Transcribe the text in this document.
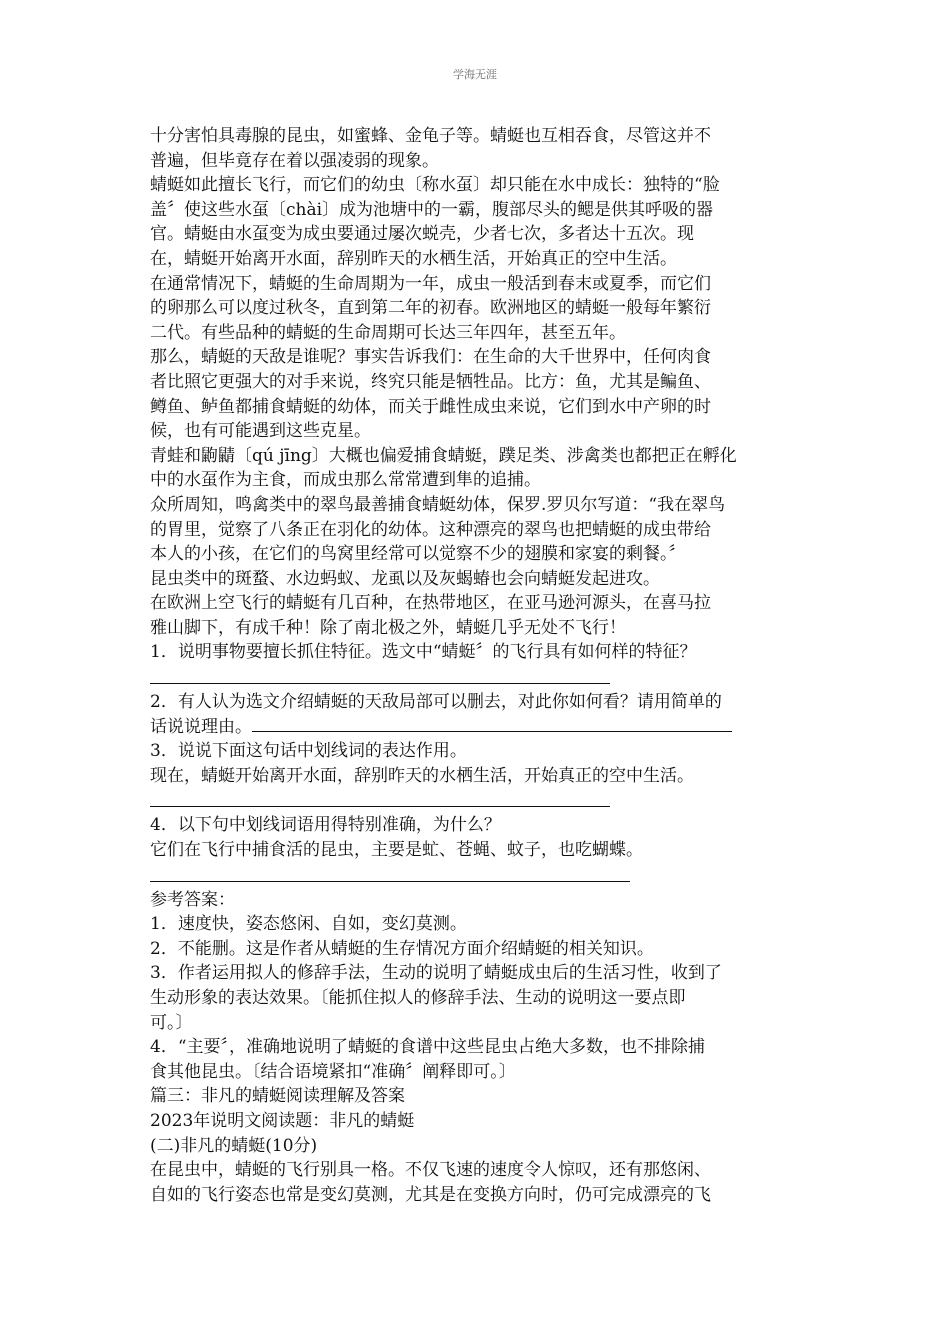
学海无涯
十分害怕具毒腺的昆虫，如蜜蜂、金龟子等。蜻蜓也互相吞食，尽管这并不
普遍，但毕竟存在着以强凌弱的现象。
蜻蜓如此擅长飞行，而它们的幼虫〔称水虿〕却只能在水中成长：独特的“脸
盖〞使这些水虿〔chài〕成为池塘中的一霸，腹部尽头的鳃是供其呼吸的器
官。蜻蜓由水虿变为成虫要通过屡次蜕壳，少者七次，多者达十五次。现
在，蜻蜓开始离开水面，辞别昨天的水栖生活，开始真正的空中生活。
在通常情况下，蜻蜓的生命周期为一年，成虫一般活到春末或夏季，而它们
的卵那么可以度过秋冬，直到第二年的初春。欧洲地区的蜻蜓一般每年繁衍
二代。有些品种的蜻蜓的生命周期可长达三年四年，甚至五年。
那么，蜻蜓的天敌是谁呢？事实告诉我们：在生命的大千世界中，任何肉食
者比照它更强大的对手来说，终究只能是牺牲品。比方：鱼，尤其是鳊鱼、
鳟鱼、鲈鱼都捕食蜻蜓的幼体，而关于雌性成虫来说，它们到水中产卵的时
候，也有可能遇到这些克星。
青蛙和鼩鼱〔qú jīng〕大概也偏爱捕食蜻蜓，蹼足类、涉禽类也都把正在孵化
中的水虿作为主食，而成虫那么常常遭到隼的追捕。
众所周知，鸣禽类中的翠鸟最善捕食蜻蜓幼体，保罗.罗贝尔写道：“我在翠鸟
的胃里，觉察了八条正在羽化的幼体。这种漂亮的翠鸟也把蜻蜓的成虫带给
本人的小孩，在它们的鸟窝里经常可以觉察不少的翅膜和家宴的剩餐。〞
昆虫类中的斑蝥、水边蚂蚁、龙虱以及灰蝎蝽也会向蜻蜓发起进攻。
在欧洲上空飞行的蜻蜓有几百种，在热带地区，在亚马逊河源头，在喜马拉
雅山脚下，有成千种！除了南北极之外，蜻蜓几乎无处不飞行！
1．说明事物要擅长抓住特征。选文中“蜻蜓〞的飞行具有如何样的特征？
2．有人认为选文介绍蜻蜓的天敌局部可以删去，对此你如何看？请用简单的
话说说理由。
3．说说下面这句话中划线词的表达作用。
现在，蜻蜓开始离开水面，辞别昨天的水栖生活，开始真正的空中生活。
4．以下句中划线词语用得特别准确，为什么？
它们在飞行中捕食活的昆虫，主要是虻、苍蝇、蚊子，也吃蝴蝶。
参考答案：
1．速度快，姿态悠闲、自如，变幻莫测。
2．不能删。这是作者从蜻蜓的生存情况方面介绍蜻蜓的相关知识。
3．作者运用拟人的修辞手法，生动的说明了蜻蜓成虫后的生活习性，收到了
生动形象的表达效果。〔能抓住拟人的修辞手法、生动的说明这一要点即
可。〕
4．“主要〞，准确地说明了蜻蜓的食谱中这些昆虫占绝大多数，也不排除捕
食其他昆虫。〔结合语境紧扣“准确〞阐释即可。〕
篇三：非凡的蜻蜓阅读理解及答案
2023年说明文阅读题：非凡的蜻蜓
(二)非凡的蜻蜓(10分)
在昆虫中，蜻蜓的飞行别具一格。不仅飞速的速度令人惊叹，还有那悠闲、
自如的飞行姿态也常是变幻莫测，尤其是在变换方向时，仍可完成漂亮的飞
